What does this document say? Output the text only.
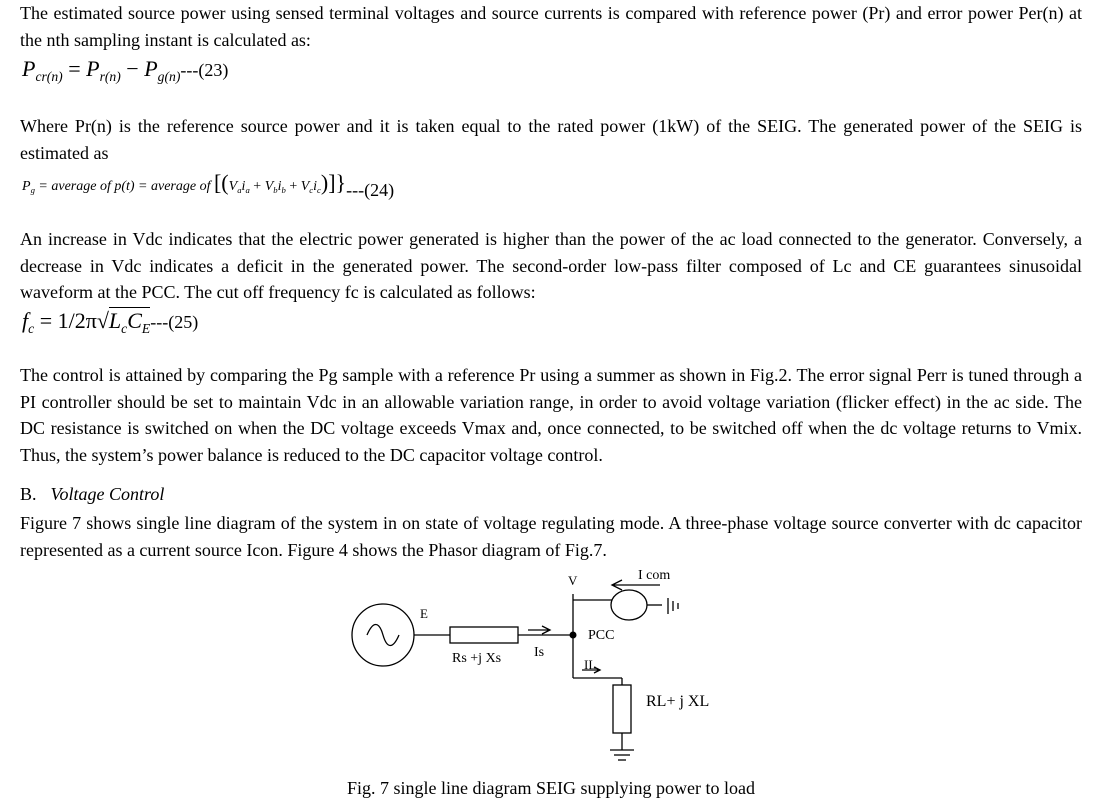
The estimated source power using sensed terminal voltages and source currents is compared with reference power (Pr) and error power Per(n) at the nth sampling instant is calculated as:

$P_{cr(n)} = P_{r(n)} - P_{g(n)}---(23)$

Where Pr(n) is the reference source power and it is taken equal to the rated power (1kW) of the SEIG. The generated power of the SEIG is estimated as

$P_g$ = average of p(t) = average of $[(V_ai_a + V_bi_b + V_ci_c)]\}---(24)$

An increase in Vdc indicates that the electric power generated is higher than the power of the ac load connected to the generator. Conversely, a decrease in Vdc indicates a deficit in the generated power. The second-order low-pass filter composed of Lc and CE guarantees sinusoidal waveform at the PCC. The cut off frequency fc is calculated as follows:

$f_c = 1/2\pi√L_cC_E---(25)$

The control is attained by comparing the Pg sample with a reference Pr using a summer as shown in Fig.2. The error signal Perr is tuned through a PI controller should be set to maintain Vdc in an allowable variation range, in order to avoid voltage variation (flicker effect) in the ac side. The DC resistance is switched on when the DC voltage exceeds Vmax and, once connected, to be switched off when the dc voltage returns to Vmix. Thus, the system’s power balance is reduced to the DC capacitor voltage control.

B. Voltage Control

Figure 7 shows single line diagram of the system in on state of voltage regulating mode. A three-phase voltage source converter with dc capacitor represented as a current source Icon. Figure 4 shows the Phasor diagram of Fig.7.

V	I com
E
PCC
Rs +j Xs Is
IL
RL+ j XL

Fig. 7 single line diagram SEIG supplying power to load
